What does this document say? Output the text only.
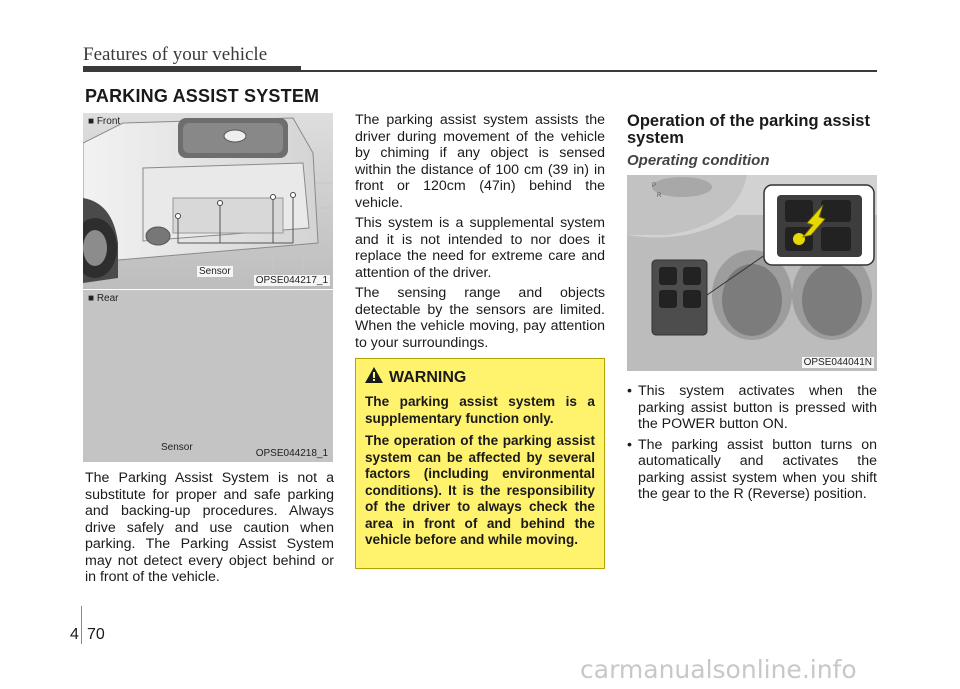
Features of your vehicle
PARKING ASSIST SYSTEM
■ Front
Sensor
OPSE044217_1
■ Rear
Sensor
OPSE044218_1

The Parking Assist System is not a substitute for proper and safe parking and backing-up procedures. Always drive safely and use caution when parking. The Parking Assist System may not detect every object behind or in front of the vehicle.

The parking assist system assists the driver during movement of the vehicle by chiming if any object is sensed within the distance of 100 cm (39 in) in front or 120cm (47in) behind the vehicle.

This system is a supplemental system and it is not intended to nor does it replace the need for extreme care and attention of the driver.

The sensing range and objects detectable by the sensors are limited. When the vehicle moving, pay attention to your surroundings.

WARNING

The parking assist system is a supplementary function only.

The operation of the parking assist system can be affected by several factors (including environmental conditions). It is the responsibility of the driver to always check the area in front of and behind the vehicle before and while moving.

Operation of the parking assist system
Operating condition
P
R
OPSE044041N
• This system activates when the parking assist button is pressed with the POWER button ON.
• The parking assist button turns on automatically and activates the parking assist system when you shift the gear to the R (Reverse) position.
4 70
carmanualsonline.info
